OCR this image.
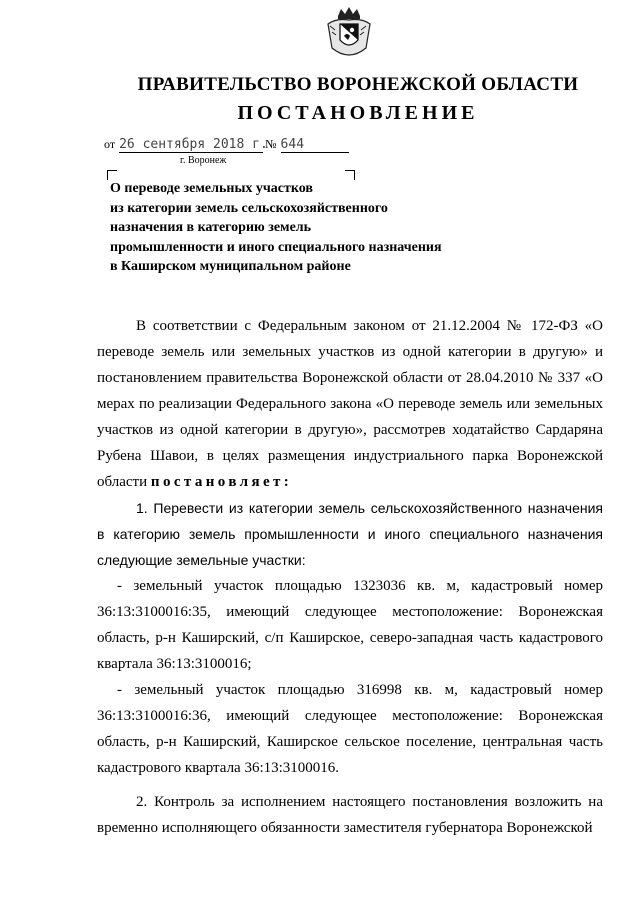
ПРАВИТЕЛЬСТВО ВОРОНЕЖСКОЙ ОБЛАСТИ
ПОСТАНОВЛЕНИЕ
от 26 сентября 2018 г.
№ 644
г. Воронеж
О переводе земельных участков
из категории земель сельскохозяйственного
назначения в категорию земель
промышленности и иного специального назначения
в Каширском муниципальном районе

В соответствии с Федеральным законом от 21.12.2004 № 172-ФЗ «О переводе земель или земельных участков из одной категории в другую» и постановлением правительства Воронежской области от 28.04.2010 № 337 «О мерах по реализации Федерального закона «О переводе земель или земельных участков из одной категории в другую», рассмотрев ходатайство Сардаряна Рубена Шавои, в целях размещения индустриального парка Воронежской области постановляет:

1. Перевести из категории земель сельскохозяйственного назначения в категорию земель промышленности и иного специального назначения следующие земельные участки:

- земельный участок площадью 1323036 кв. м, кадастровый номер 36:13:3100016:35, имеющий следующее местоположение: Воронежская область, р-н Каширский, с/п Каширское, северо-западная часть кадастрового квартала 36:13:3100016;

- земельный участок площадью 316998 кв. м, кадастровый номер 36:13:3100016:36, имеющий следующее местоположение: Воронежская область, р-н Каширский, Каширское сельское поселение, центральная часть кадастрового квартала 36:13:3100016.

2. Контроль за исполнением настоящего постановления возложить на временно исполняющего обязанности заместителя губернатора Воронежской
